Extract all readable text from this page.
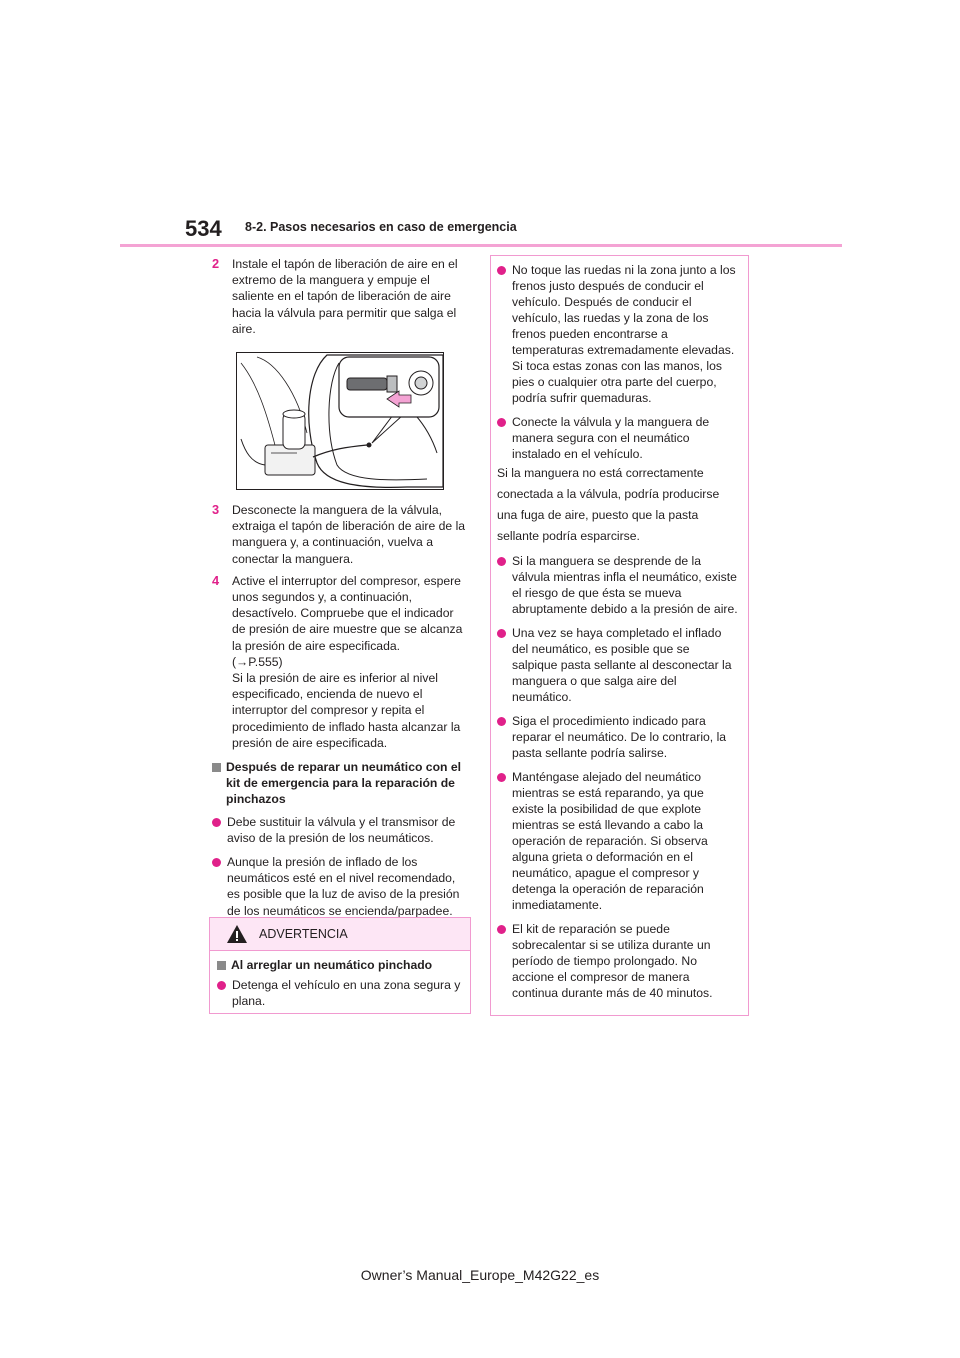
534 8-2. Pasos necesarios en caso de emergencia
2	Instale el tapón de liberación de aire en el extremo de la manguera y empuje el saliente en el tapón de liberación de aire hacia la válvula para permitir que salga el aire.
3	Desconecte la manguera de la válvula, extraiga el tapón de liberación de aire de la manguera y, a continuación, vuelva a conectar la manguera.
4	Active el interruptor del compresor, espere unos segundos y, a continuación, desactívelo. Compruebe que el indicador de presión de aire muestre que se alcanza la presión de aire especificada.
(→P.555)
Si la presión de aire es inferior al nivel especificado, encienda de nuevo el interruptor del compresor y repita el procedimiento de inflado hasta alcanzar la presión de aire especificada.
Después de reparar un neumático con el kit de emergencia para la reparación de pinchazos
Debe sustituir la válvula y el transmisor de aviso de la presión de los neumáticos.
Aunque la presión de inflado de los neumáticos esté en el nivel recomendado, es posible que la luz de aviso de la presión de los neumáticos se encienda/parpadee.
ADVERTENCIA
Al arreglar un neumático pinchado
Detenga el vehículo en una zona segura y plana.
No toque las ruedas ni la zona junto a los frenos justo después de conducir el vehículo. Después de conducir el vehículo, las ruedas y la zona de los frenos pueden encontrarse a temperaturas extremadamente elevadas. Si toca estas zonas con las manos, los pies o cualquier otra parte del cuerpo, podría sufrir quemaduras.
Conecte la válvula y la manguera de manera segura con el neumático instalado en el vehículo.
Si la manguera no está correctamente
conectada a la válvula, podría producirse
una fuga de aire, puesto que la pasta
sellante podría esparcirse.
Si la manguera se desprende de la válvula mientras infla el neumático, existe el riesgo de que ésta se mueva abruptamente debido a la presión de aire.
Una vez se haya completado el inflado del neumático, es posible que se salpique pasta sellante al desconectar la manguera o que salga aire del neumático.
Siga el procedimiento indicado para reparar el neumático. De lo contrario, la pasta sellante podría salirse.
Manténgase alejado del neumático mientras se está reparando, ya que existe la posibilidad de que explote mientras se está llevando a cabo la operación de reparación. Si observa alguna grieta o deformación en el neumático, apague el compresor y detenga la operación de reparación inmediatamente.
El kit de reparación se puede sobrecalentar si se utiliza durante un período de tiempo prolongado. No accione el compresor de manera continua durante más de 40 minutos.
Owner’s Manual_Europe_M42G22_es
